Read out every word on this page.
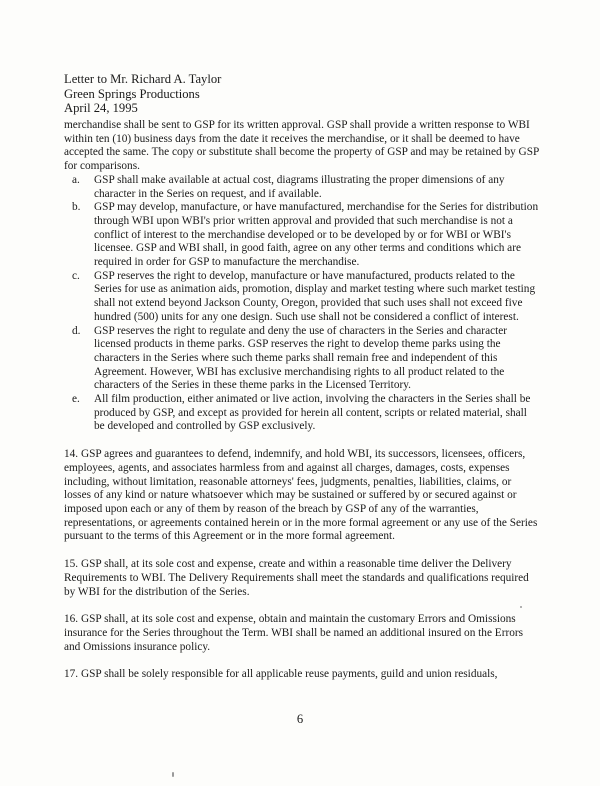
Letter to Mr. Richard A. Taylor
Green Springs Productions
April 24, 1995

merchandise shall be sent to GSP for its written approval. GSP shall provide a written response to WBI within ten (10) business days from the date it receives the merchandise, or it shall be deemed to have accepted the same. The copy or substitute shall become the property of GSP and may be retained by GSP for comparisons.

a. GSP shall make available at actual cost, diagrams illustrating the proper dimensions of any character in the Series on request, and if available.
b. GSP may develop, manufacture, or have manufactured, merchandise for the Series for distribution through WBI upon WBI's prior written approval and provided that such merchandise is not a conflict of interest to the merchandise developed or to be developed by or for WBI or WBI's licensee. GSP and WBI shall, in good faith, agree on any other terms and conditions which are required in order for GSP to manufacture the merchandise.
c. GSP reserves the right to develop, manufacture or have manufactured, products related to the Series for use as animation aids, promotion, display and market testing where such market testing shall not extend beyond Jackson County, Oregon, provided that such uses shall not exceed five hundred (500) units for any one design. Such use shall not be considered a conflict of interest.
d. GSP reserves the right to regulate and deny the use of characters in the Series and character licensed products in theme parks. GSP reserves the right to develop theme parks using the characters in the Series where such theme parks shall remain free and independent of this Agreement. However, WBI has exclusive merchandising rights to all product related to the characters of the Series in these theme parks in the Licensed Territory.
e. All film production, either animated or live action, involving the characters in the Series shall be produced by GSP, and except as provided for herein all content, scripts or related material, shall be developed and controlled by GSP exclusively.

14. GSP agrees and guarantees to defend, indemnify, and hold WBI, its successors, licensees, officers, employees, agents, and associates harmless from and against all charges, damages, costs, expenses including, without limitation, reasonable attorneys' fees, judgments, penalties, liabilities, claims, or losses of any kind or nature whatsoever which may be sustained or suffered by or secured against or imposed upon each or any of them by reason of the breach by GSP of any of the warranties, representations, or agreements contained herein or in the more formal agreement or any use of the Series pursuant to the terms of this Agreement or in the more formal agreement.

15. GSP shall, at its sole cost and expense, create and within a reasonable time deliver the Delivery Requirements to WBI. The Delivery Requirements shall meet the standards and qualifications required by WBI for the distribution of the Series.

16. GSP shall, at its sole cost and expense, obtain and maintain the customary Errors and Omissions insurance for the Series throughout the Term. WBI shall be named an additional insured on the Errors and Omissions insurance policy.

17. GSP shall be solely responsible for all applicable reuse payments, guild and union residuals,

6
